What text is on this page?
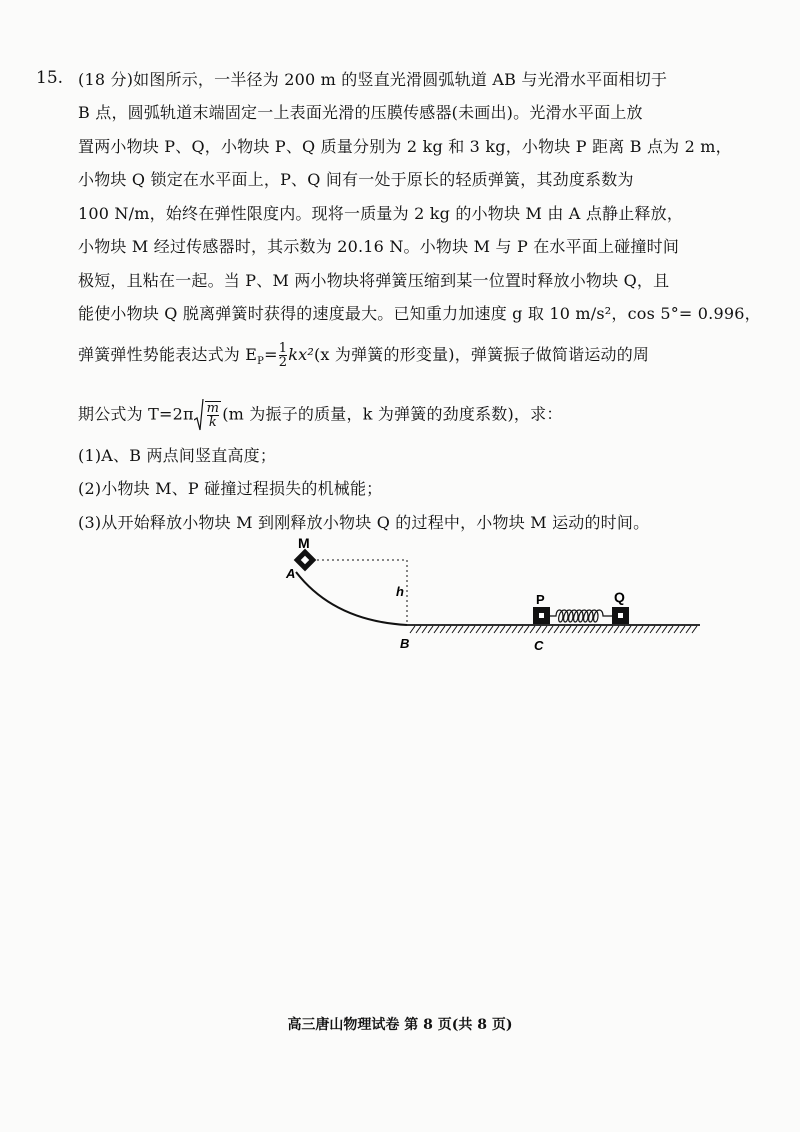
15. (18 分)如图所示，一半径为 200 m 的竖直光滑圆弧轨道 AB 与光滑水平面相切于
B 点，圆弧轨道末端固定一上表面光滑的压膜传感器(未画出)。光滑水平面上放
置两小物块 P、Q，小物块 P、Q 质量分别为 2 kg 和 3 kg，小物块 P 距离 B 点为 2 m，
小物块 Q 锁定在水平面上，P、Q 间有一处于原长的轻质弹簧，其劲度系数为
100 N/m，始终在弹性限度内。现将一质量为 2 kg 的小物块 M 由 A 点静止释放，
小物块 M 经过传感器时，其示数为 20.16 N。小物块 M 与 P 在水平面上碰撞时间
极短，且粘在一起。当 P、M 两小物块将弹簧压缩到某一位置时释放小物块 Q，且
能使小物块 Q 脱离弹簧时获得的速度最大。已知重力加速度 g 取 10 m/s²，cos 5°= 0.996，
弹簧弹性势能表达式为 $E_P= \frac{1}{2} kx^2(x$ 为弹簧的形变量)，弹簧振子做简谐运动的周
期公式为 $T=2\pi \frac{m}{k} (m$ 为振子的质量，k 为弹簧的劲度系数)，求：
(1)A、B 两点间竖直高度；
(2)小物块 M、P 碰撞过程损失的机械能；
(3)从开始释放小物块 M 到刚释放小物块 Q 的过程中，小物块 M 运动的时间。
M
A
h
B
P	Q
C
高三唐山物理试卷 第 8 页(共 8 页)
